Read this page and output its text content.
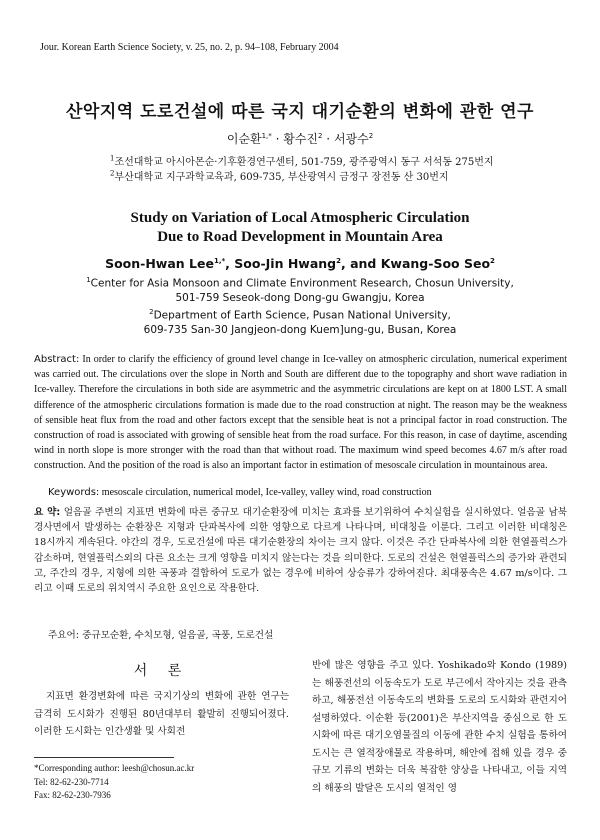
Jour. Korean Earth Science Society, v. 25, no. 2, p. 94–108, February 2004
산악지역 도로건설에 따른 국지 대기순환의 변화에 관한 연구
이순환$^{1,*}$ · 황수진$^2$ · 서광수$^2$
$^1$조선대학교 아시아몬순·기후환경연구센터, 501-759, 광주광역시 동구 서석동 275번지
$^2$부산대학교 지구과학교육과, 609-735, 부산광역시 금정구 장전동 산 30번지
Study on Variation of Local Atmospheric Circulation
Due to Road Development in Mountain Area
Soon-Hwan Lee$^{1,*}$, Soo-Jin Hwang$^2$, and Kwang-Soo Seo$^2$
$^1$Center for Asia Monsoon and Climate Environment Research, Chosun University,
501-759 Seseok-dong Dong-gu Gwangju, Korea
$^2$Department of Earth Science, Pusan National University,
609-735 San-30 Jangjeon-dong Kuem]ung-gu, Busan, Korea
Abstract: In order to clarify the efficiency of ground level change in Ice-valley on atmospheric circulation, numerical experiment was carried out. The circulations over the slope in North and South are different due to the topography and short wave radiation in Ice-valley. Therefore the circulations in both side are asymmetric and the asymmetric circulations are kept on at 1800 LST. A small difference of the atmospheric circulations formation is made due to the road construction at night. The reason may be the weakness of sensible heat flux from the road and other factors except that the sensible heat is not a principal factor in road construction. The construction of road is associated with growing of sensible heat from the road surface. For this reason, in case of daytime, ascending wind in north slope is more stronger with the road than that without road. The maximum wind speed becomes 4.67 m/s after road construction. And the position of the road is also an important factor in estimation of mesoscale circulation in mountainous area.
Keywords: mesoscale circulation, numerical model, Ice-valley, valley wind, road construction
요 약: 얼음골 주변의 지표면 변화에 따른 중규모 대기순환장에 미치는 효과를 보기위하여 수치실험을 실시하였다. 얼음골 남북 경사면에서 발생하는 순환장은 지형과 단파복사에 의한 영향으로 다르게 나타나며, 비대칭을 이룬다. 그리고 이러한 비대칭은 18시까지 계속된다. 야간의 경우, 도로건설에 따른 대기순환장의 차이는 크지 않다. 이것은 주간 단파복사에 의한 현열플럭스가 감소하며, 현열플럭스외의 다른 요소는 크게 영향을 미치지 않는다는 것을 의미한다. 도로의 건설은 현열플럭스의 증가와 관련되고, 주간의 경우, 지형에 의한 곡풍과 결합하여 도로가 없는 경우에 비하여 상승류가 강하여진다. 최대풍속은 4.67 m/s이다. 그리고 이때 도로의 위치역시 주요한 요인으로 작용한다.
주요어: 중규모순환, 수치모형, 얼음골, 곡풍, 도로건설
서 론
지표면 환경변화에 따른 국지기상의 변화에 관한 연구는 급격히 도시화가 진행된 80년대부터 활발히 진행되어졌다. 이러한 도시화는 인간생활 및 사회전
반에 많은 영향을 주고 있다. Yoshikado와 Kondo (1989)는 해풍전선의 이동속도가 도로 부근에서 작아지는 것을 관측하고, 해풍전선 이동속도의 변화를 도로의 도시화와 관련지어 설명하였다. 이순환 등(2001)은 부산지역을 중심으로 한 도시화에 따른 대기오염물질의 이동에 관한 수치 실험을 통하여 도시는 큰 열적장애물로 작용하며, 해안에 접해 있을 경우 중규모 기류의 변화는 더욱 복잡한 양상을 나타내고, 이들 지역의 해풍의 발달은 도시의 열적인 영
*Corresponding author: leesh@chosun.ac.kr
Tel: 82-62-230-7714
Fax: 82-62-230-7936
